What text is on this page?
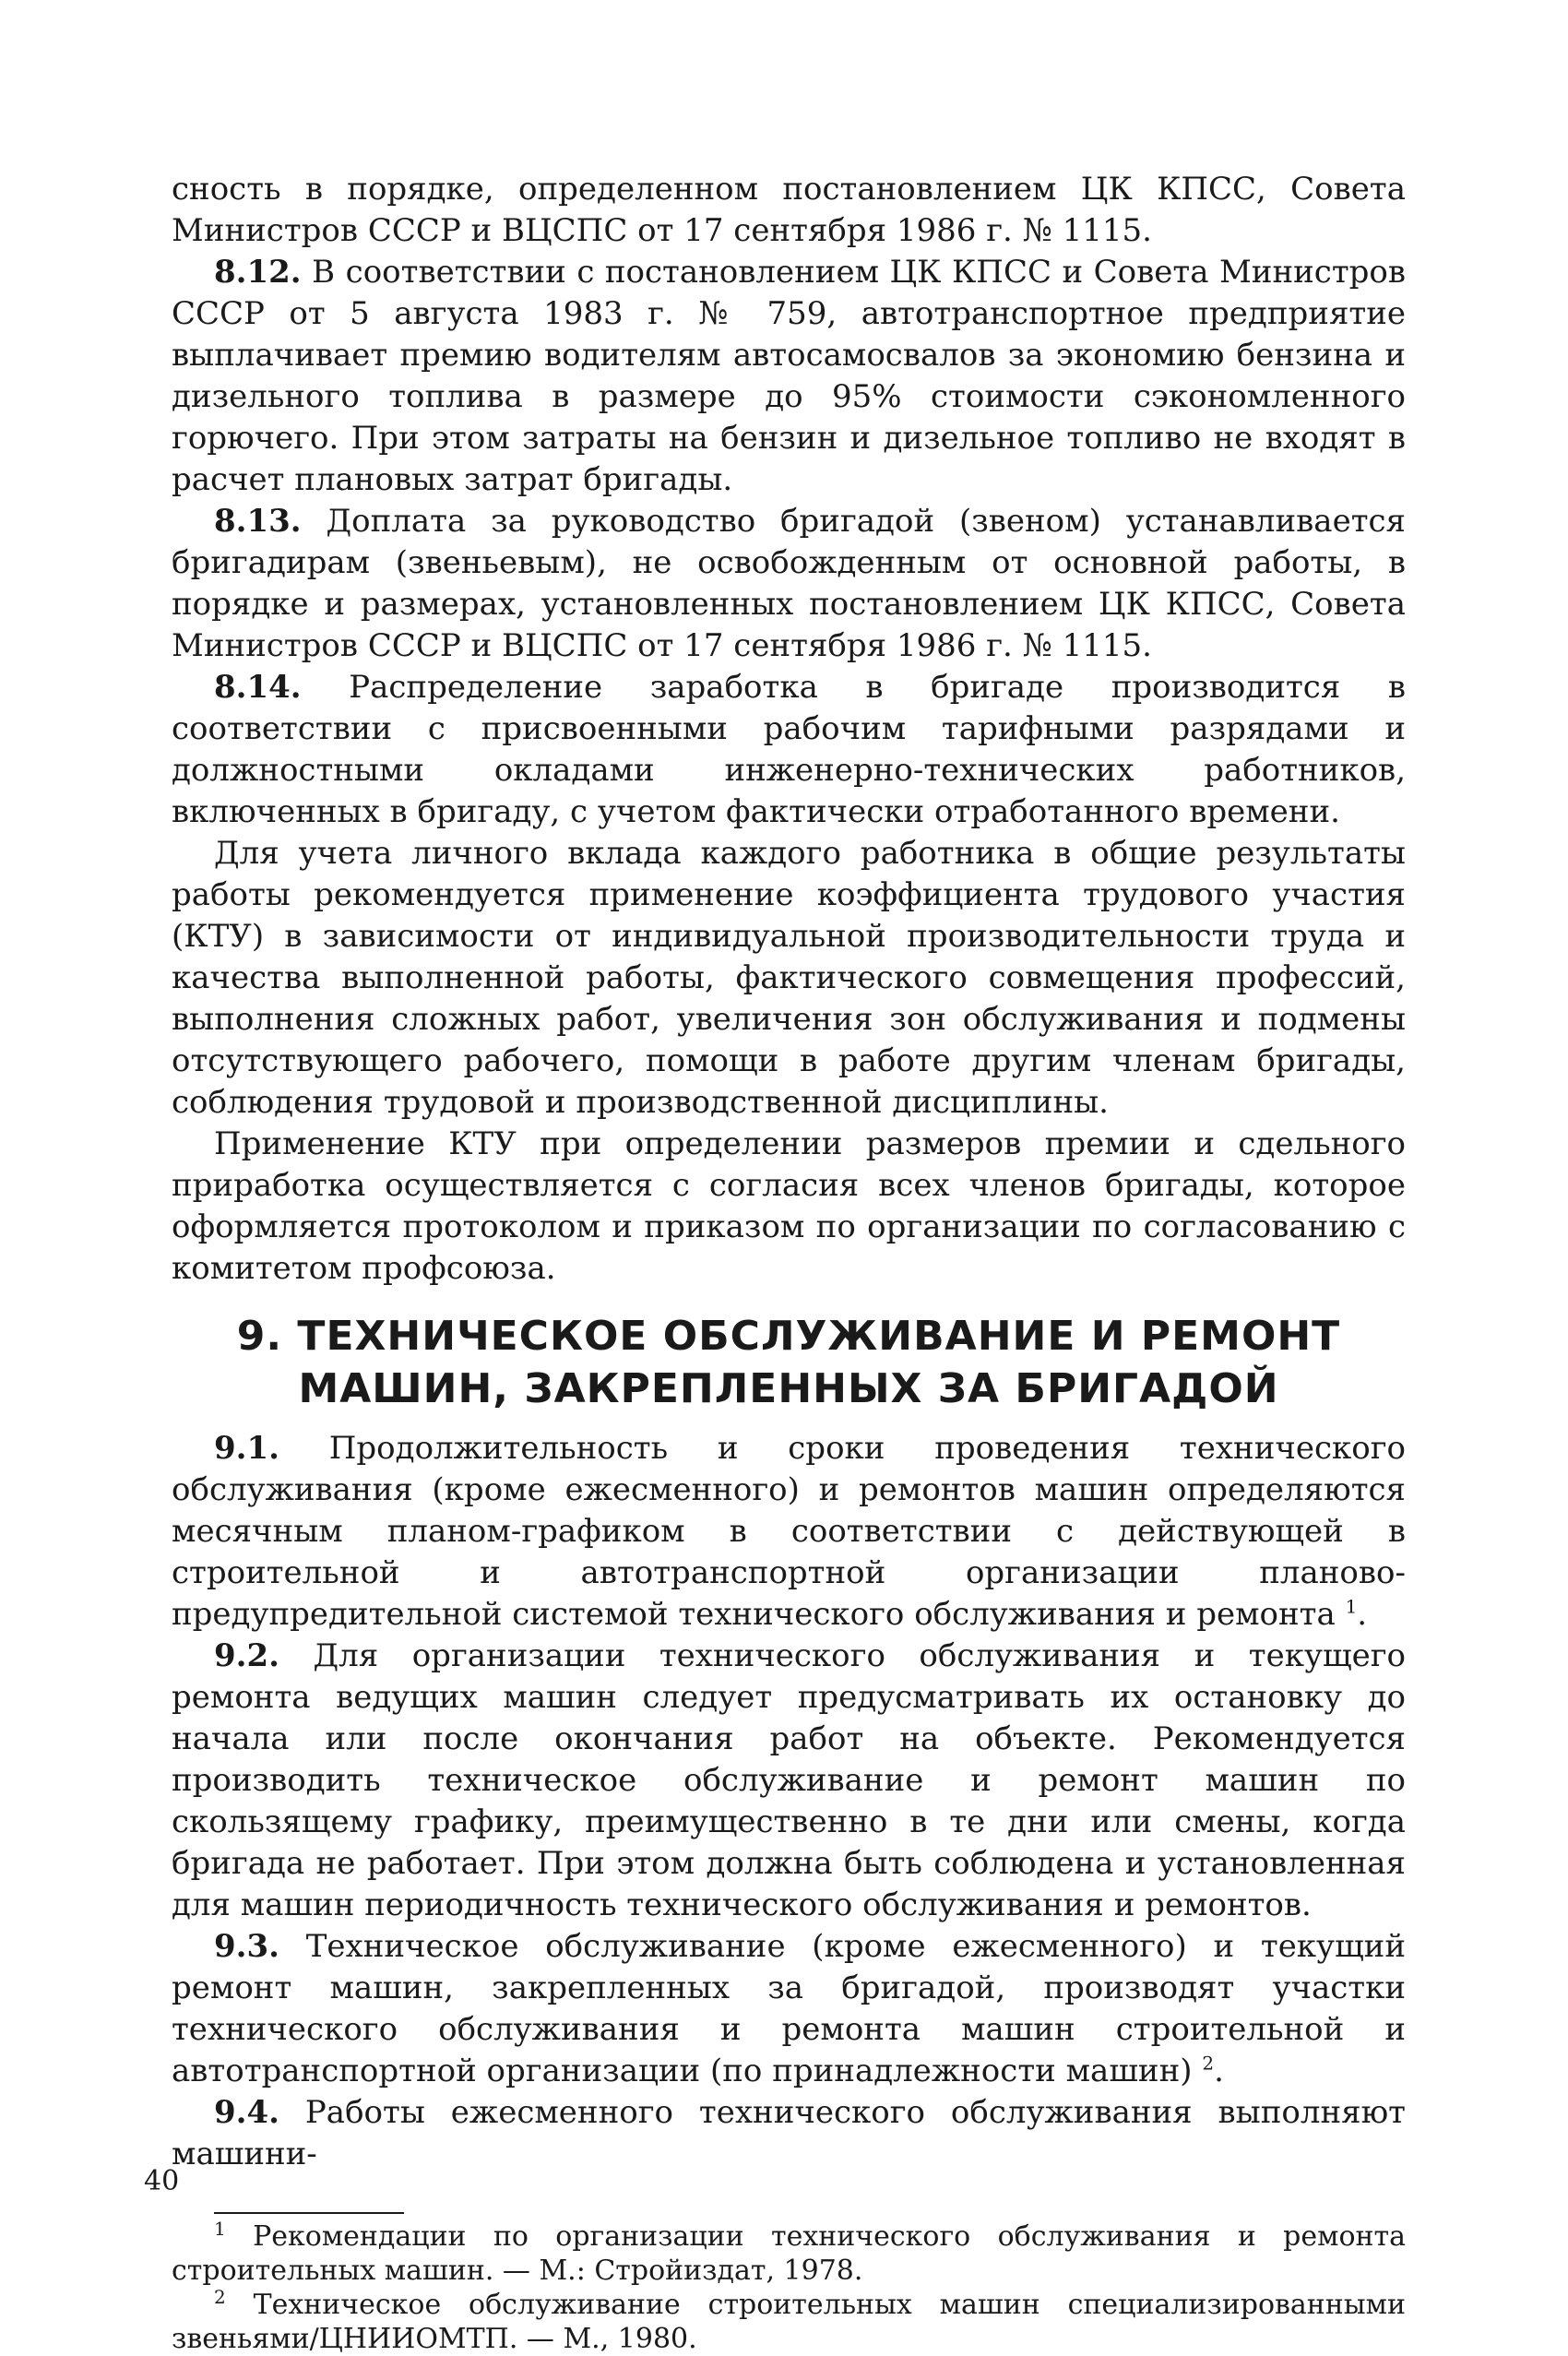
сность в порядке, определенном постановлением ЦК КПСС, Совета Министров СССР и ВЦСПС от 17 сентября 1986 г. № 1115.

8.12. В соответствии с постановлением ЦК КПСС и Совета Министров СССР от 5 августа 1983 г. № 759, автотранспортное предприятие выплачивает премию водителям автосамосвалов за экономию бензина и дизельного топлива в размере до 95% стоимости сэкономленного горючего. При этом затраты на бензин и дизельное топливо не входят в расчет плановых затрат бригады.

8.13. Доплата за руководство бригадой (звеном) устанавливается бригадирам (звеньевым), не освобожденным от основной работы, в порядке и размерах, установленных постановлением ЦК КПСС, Совета Министров СССР и ВЦСПС от 17 сентября 1986 г. № 1115.

8.14. Распределение заработка в бригаде производится в соответствии с присвоенными рабочим тарифными разрядами и должностными окладами инженерно-технических работников, включенных в бригаду, с учетом фактически отработанного времени.

Для учета личного вклада каждого работника в общие результаты работы рекомендуется применение коэффициента трудового участия (КТУ) в зависимости от индивидуальной производительности труда и качества выполненной работы, фактического совмещения профессий, выполнения сложных работ, увеличения зон обслуживания и подмены отсутствующего рабочего, помощи в работе другим членам бригады, соблюдения трудовой и производственной дисциплины.

Применение КТУ при определении размеров премии и сдельного приработка осуществляется с согласия всех членов бригады, которое оформляется протоколом и приказом по организации по согласованию с комитетом профсоюза.

9. ТЕХНИЧЕСКОЕ ОБСЛУЖИВАНИЕ И РЕМОНТ МАШИН, ЗАКРЕПЛЕННЫХ ЗА БРИГАДОЙ

9.1. Продолжительность и сроки проведения технического обслуживания (кроме ежесменного) и ремонтов машин определяются месячным планом-графиком в соответствии с действующей в строительной и автотранспортной организации планово-предупредительной системой технического обслуживания и ремонта $^1$.

9.2. Для организации технического обслуживания и текущего ремонта ведущих машин следует предусматривать их остановку до начала или после окончания работ на объекте. Рекомендуется производить техническое обслуживание и ремонт машин по скользящему графику, преимущественно в те дни или смены, когда бригада не работает. При этом должна быть соблюдена и установленная для машин периодичность технического обслуживания и ремонтов.

9.3. Техническое обслуживание (кроме ежесменного) и текущий ремонт машин, закрепленных за бригадой, производят участки технического обслуживания и ремонта машин строительной и автотранспортной организации (по принадлежности машин) $^2$.

9.4. Работы ежесменного технического обслуживания выполняют машини-

$^1$ Рекомендации по организации технического обслуживания и ремонта строительных машин. — М.: Стройиздат, 1978.

$^2$ Техническое обслуживание строительных машин специализированными звеньями/ЦНИИОМТП. — М., 1980.

40
